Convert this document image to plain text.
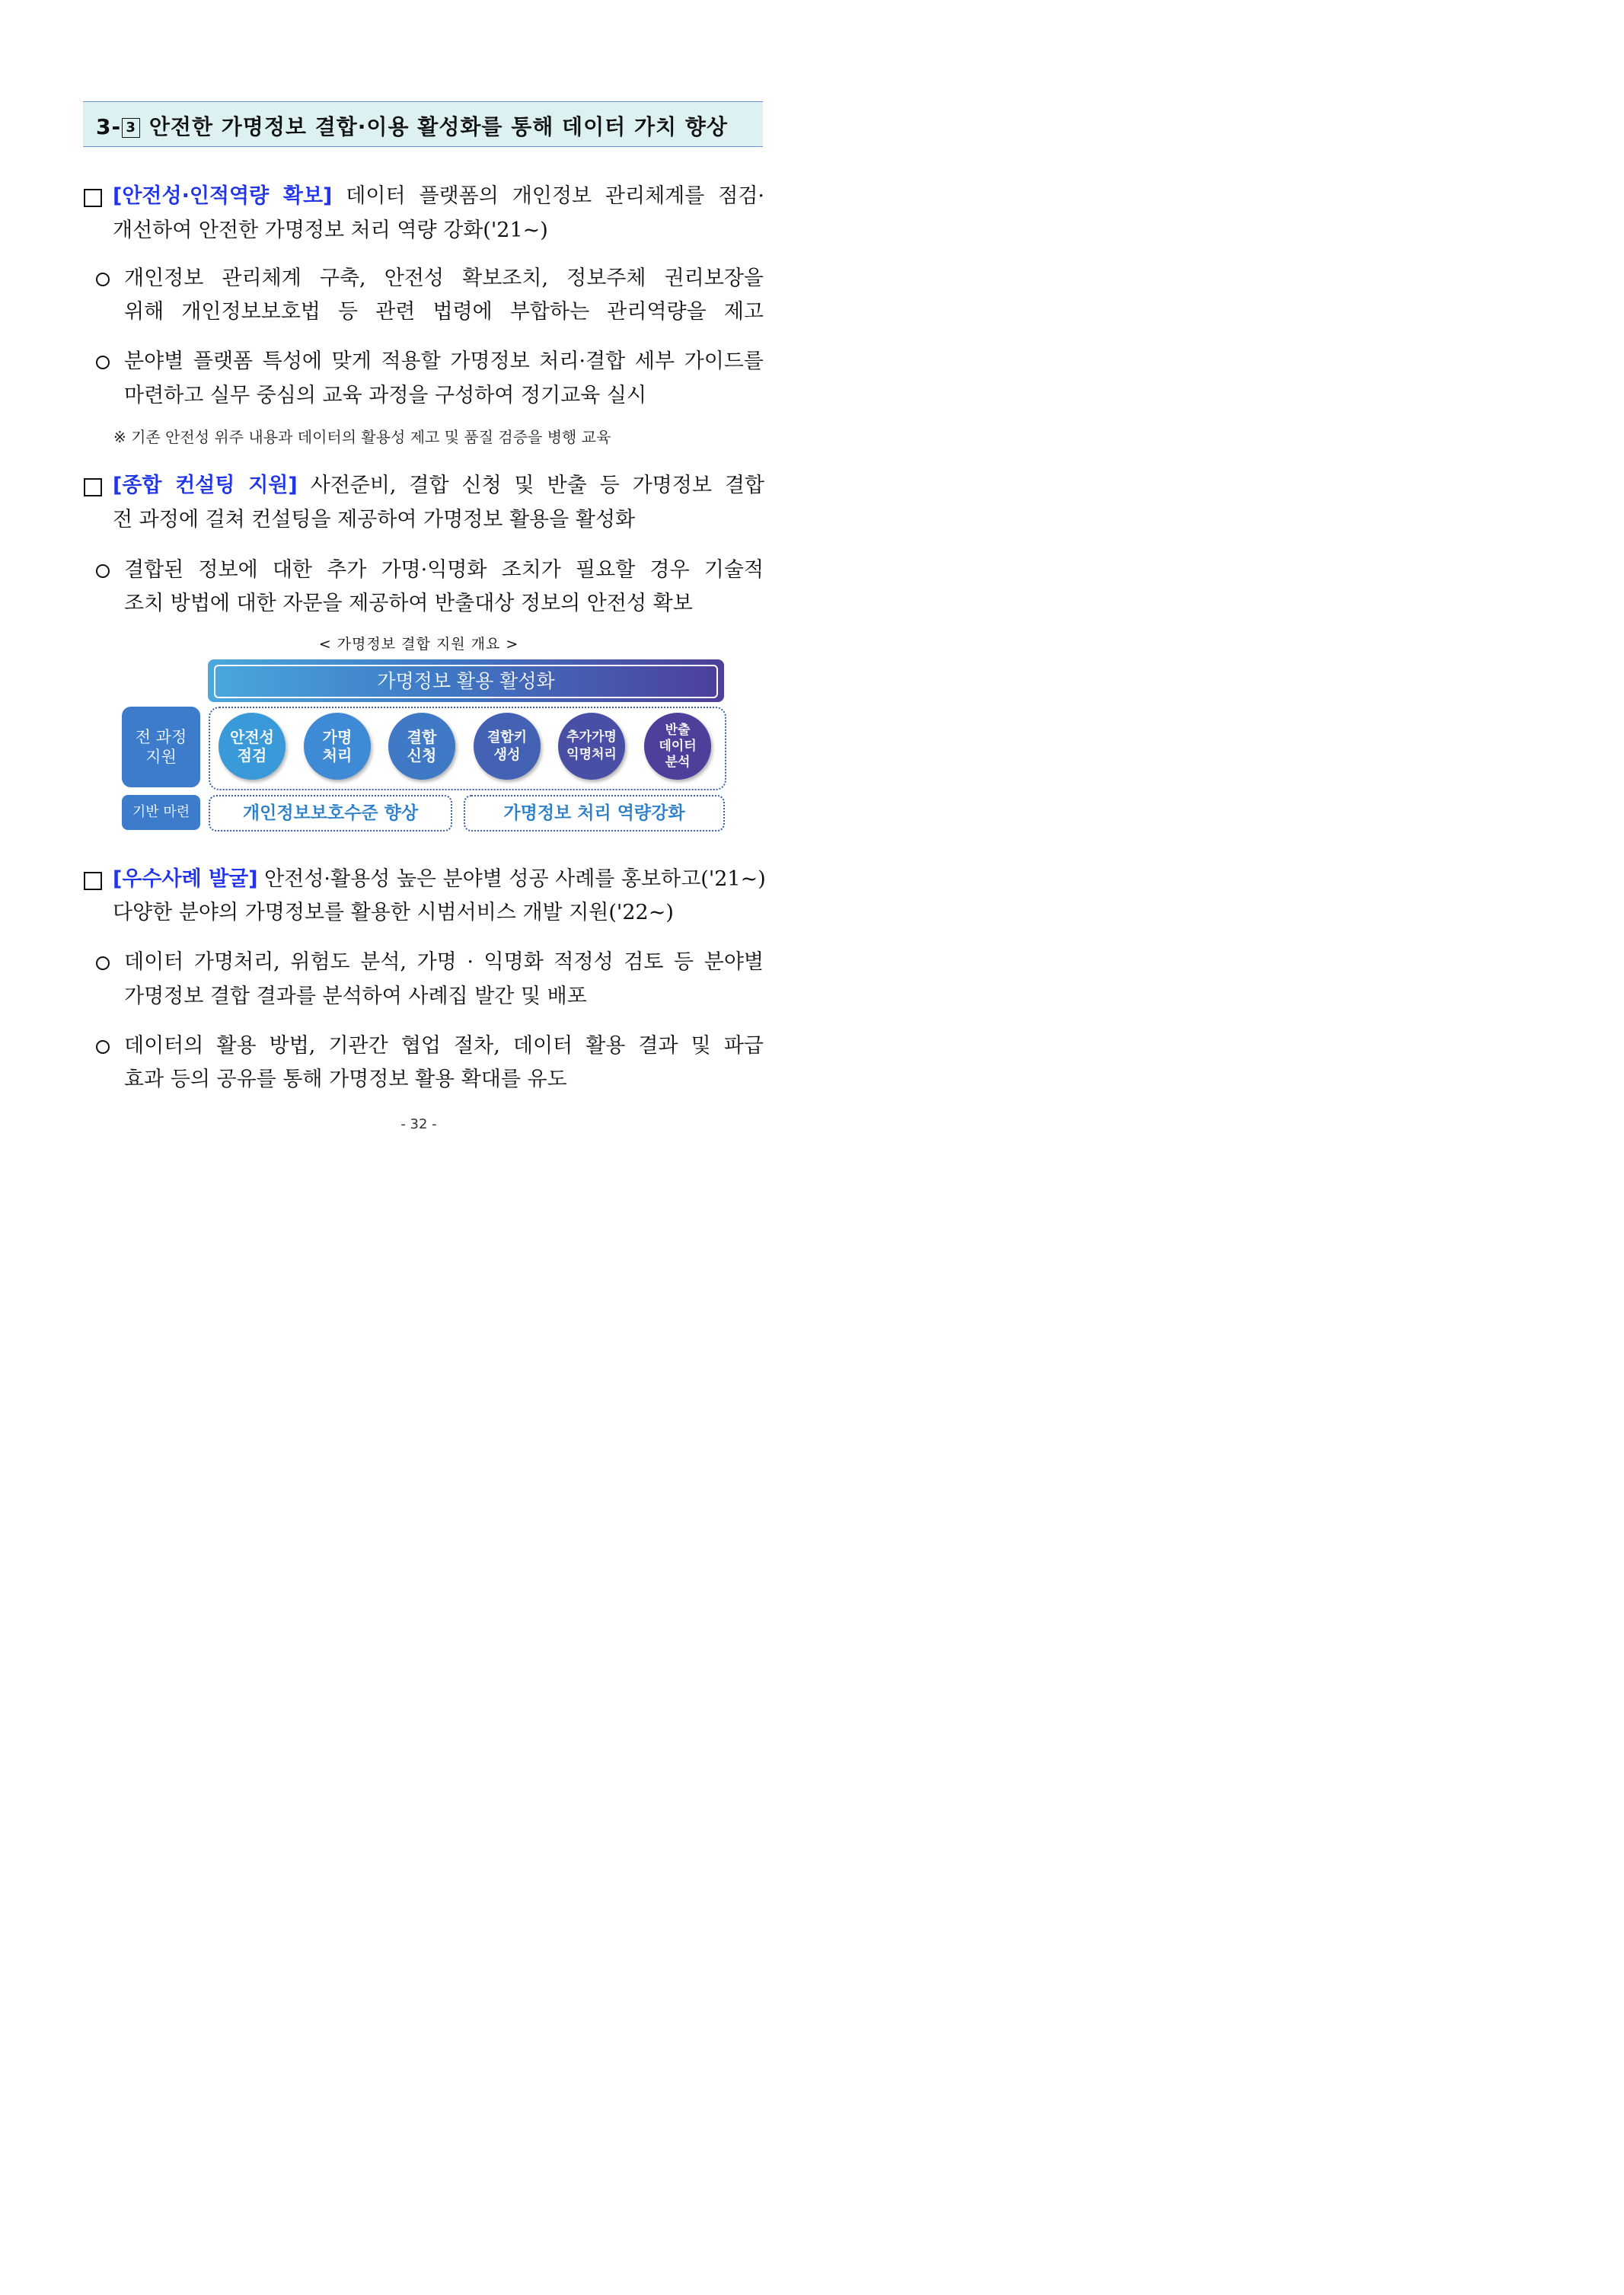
3- 3 안전한 가명정보 결합·이용 활성화를 통해 데이터 가치 향상
[안전성·인적역량 확보] 데이터 플랫폼의 개인정보 관리체계를 점검·
개선하여 안전한 가명정보 처리 역량 강화('21~)
개인정보 관리체계 구축, 안전성 확보조치, 정보주체 권리보장을
위해 개인정보보호법 등 관련 법령에 부합하는 관리역량을 제고
분야별 플랫폼 특성에 맞게 적용할 가명정보 처리·결합 세부 가이드를
마련하고 실무 중심의 교육 과정을 구성하여 정기교육 실시
※ 기존 안전성 위주 내용과 데이터의 활용성 제고 및 품질 검증을 병행 교육
[종합 컨설팅 지원] 사전준비, 결합 신청 및 반출 등 가명정보 결합
전 과정에 걸쳐 컨설팅을 제공하여 가명정보 활용을 활성화
결합된 정보에 대한 추가 가명·익명화 조치가 필요할 경우 기술적
조치 방법에 대한 자문을 제공하여 반출대상 정보의 안전성 확보
< 가명정보 결합 지원 개요 >
가명정보 활용 활성화
전 과정
지원
안전성
점검
가명
처리
결합
신청
결합키
생성
추가가명
익명처리
반출
데이터
분석
기반 마련	개인정보보호수준 향상	가명정보 처리 역량강화
[우수사례 발굴] 안전성·활용성 높은 분야별 성공 사례를 홍보하고('21~)
다양한 분야의 가명정보를 활용한 시범서비스 개발 지원('22~)
데이터 가명처리, 위험도 분석, 가명 · 익명화 적정성 검토 등 분야별
가명정보 결합 결과를 분석하여 사례집 발간 및 배포
데이터의 활용 방법, 기관간 협업 절차, 데이터 활용 결과 및 파급
효과 등의 공유를 통해 가명정보 활용 확대를 유도
- 32 -
